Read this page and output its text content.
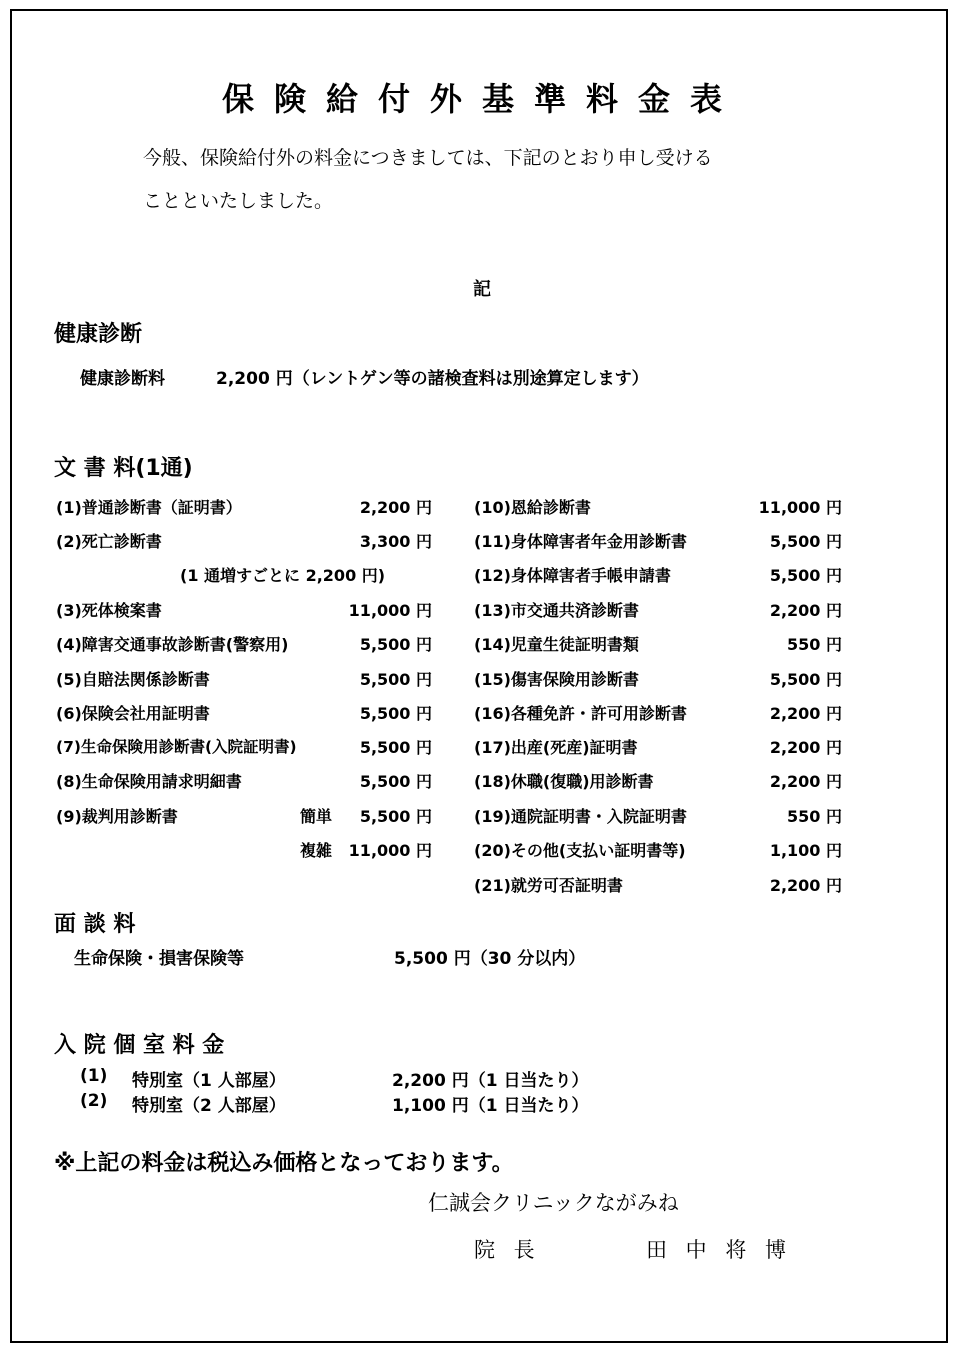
保険給付外基準料金表
今般、保険給付外の料金につきましては、下記のとおり申し受ける
ことといたしました。
記
健康診断
健康診断料	2,200 円（レントゲン等の諸検査料は別途算定します）
文 書 料(1通)
(1)普通診断書（証明書）	2,200 円
(2)死亡診断書	3,300 円
(1 通増すごとに 2,200 円)
(3)死体検案書	11,000 円
(4)障害交通事故診断書(警察用)	5,500 円
(5)自賠法関係診断書	5,500 円
(6)保険会社用証明書	5,500 円
(7)生命保険用診断書(入院証明書)	5,500 円
(8)生命保険用請求明細書	5,500 円
(9)裁判用診断書	簡単	5,500 円
複雑	11,000 円
(10)恩給診断書	11,000 円
(11)身体障害者年金用診断書	5,500 円
(12)身体障害者手帳申請書	5,500 円
(13)市交通共済診断書	2,200 円
(14)児童生徒証明書類	550 円
(15)傷害保険用診断書	5,500 円
(16)各種免許・許可用診断書	2,200 円
(17)出産(死産)証明書	2,200 円
(18)休職(復職)用診断書	2,200 円
(19)通院証明書・入院証明書	550 円
(20)その他(支払い証明書等)	1,100 円
(21)就労可否証明書	2,200 円
面 談 料
生命保険・損害保険等	5,500 円（30 分以内）
入 院 個 室 料 金
(1) 特別室（1 人部屋）	2,200 円（1 日当たり）
(2) 特別室（2 人部屋）	1,100 円（1 日当たり）
※上記の料金は税込み価格となっております。
仁誠会クリニックながみね
院 長	田 中 将 博
